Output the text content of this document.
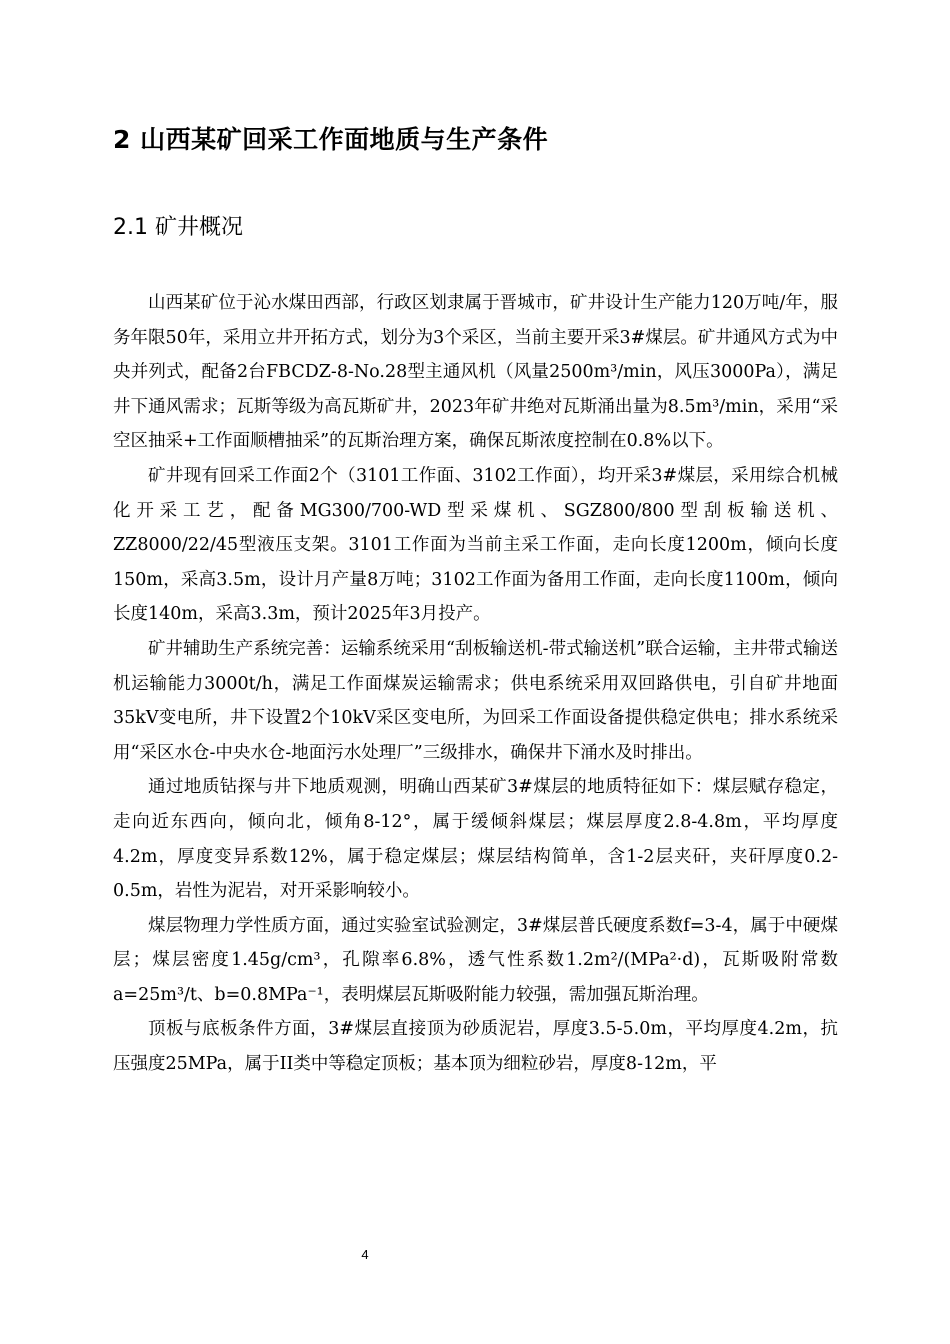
2 山西某矿回采工作面地质与生产条件
2.1 矿井概况

山西某矿位于沁水煤田西部，行政区划隶属于晋城市，矿井设计生产能力120万吨/年，服务年限50年，采用立井开拓方式，划分为3个采区，当前主要开采3#煤层。矿井通风方式为中央并列式，配备2台FBCDZ-8-No.28型主通风机（风量2500m³/min，风压3000Pa），满足井下通风需求；瓦斯等级为高瓦斯矿井，2023年矿井绝对瓦斯涌出量为8.5m³/min，采用“采空区抽采+工作面顺槽抽采”的瓦斯治理方案，确保瓦斯浓度控制在0.8%以下。

矿井现有回采工作面2个（3101工作面、3102工作面），均开采3#煤层，采用综合机械化开采工艺，配备MG300/700-WD型采煤机、SGZ800/800型刮板输送机、ZZ8000/22/45型液压支架。3101工作面为当前主采工作面，走向长度1200m，倾向长度150m，采高3.5m，设计月产量8万吨；3102工作面为备用工作面，走向长度1100m，倾向长度140m，采高3.3m，预计2025年3月投产。

矿井辅助生产系统完善：运输系统采用“刮板输送机-带式输送机”联合运输，主井带式输送机运输能力3000t/h，满足工作面煤炭运输需求；供电系统采用双回路供电，引自矿井地面35kV变电所，井下设置2个10kV采区变电所，为回采工作面设备提供稳定供电；排水系统采用“采区水仓-中央水仓-地面污水处理厂”三级排水，确保井下涌水及时排出。

通过地质钻探与井下地质观测，明确山西某矿3#煤层的地质特征如下：煤层赋存稳定，走向近东西向，倾向北，倾角8-12°，属于缓倾斜煤层；煤层厚度2.8-4.8m，平均厚度4.2m，厚度变异系数12%，属于稳定煤层；煤层结构简单，含1-2层夹矸，夹矸厚度0.2-0.5m，岩性为泥岩，对开采影响较小。

煤层物理力学性质方面，通过实验室试验测定，3#煤层普氏硬度系数f=3-4，属于中硬煤层；煤层密度1.45g/cm³，孔隙率6.8%，透气性系数1.2m²/(MPa²·d)，瓦斯吸附常数a=25m³/t、b=0.8MPa⁻¹，表明煤层瓦斯吸附能力较强，需加强瓦斯治理。

顶板与底板条件方面，3#煤层直接顶为砂质泥岩，厚度3.5-5.0m，平均厚度4.2m，抗压强度25MPa，属于II类中等稳定顶板；基本顶为细粒砂岩，厚度8-12m，平

4
